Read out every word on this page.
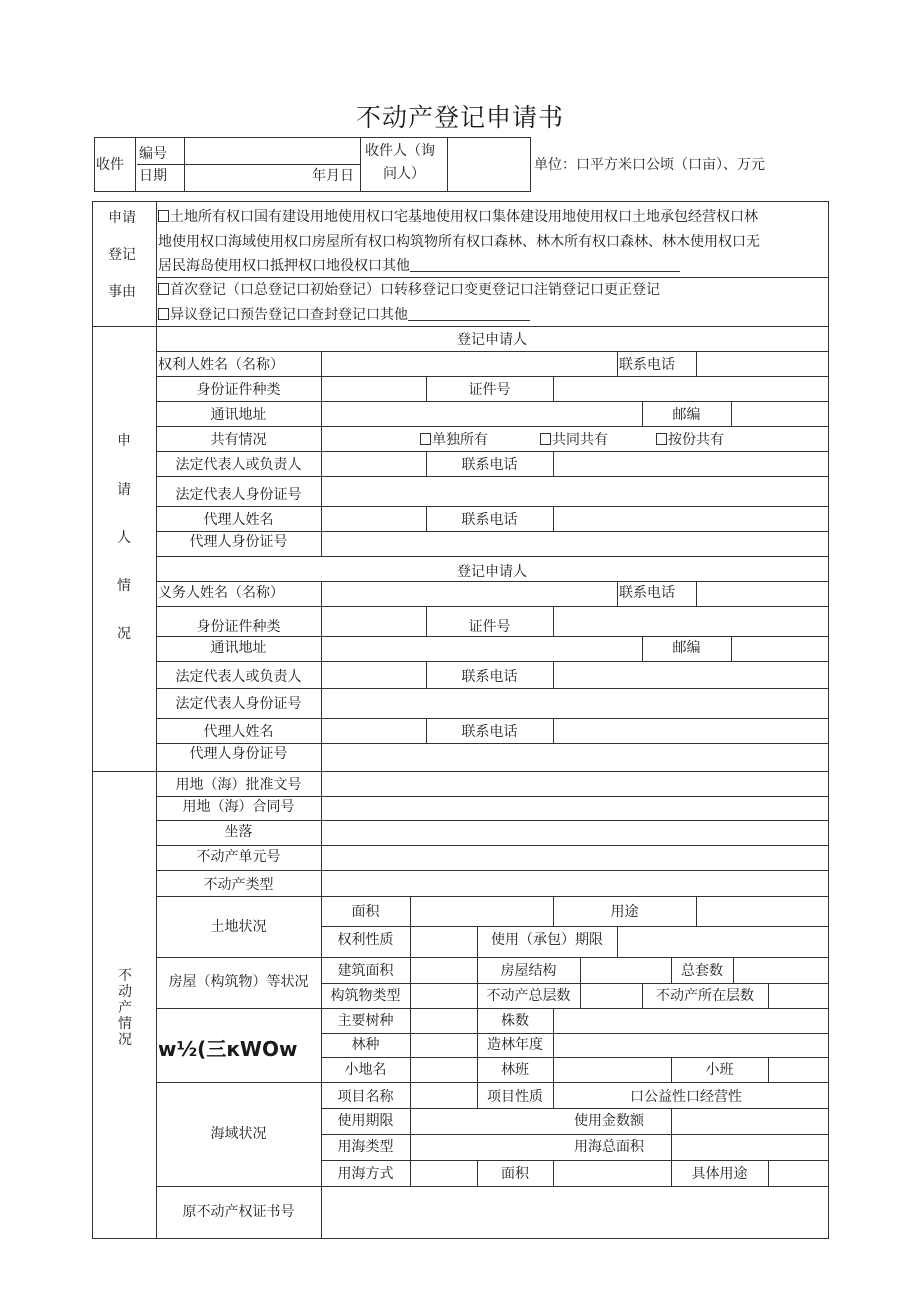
不动产登记申请书
收件
编号
日期	年月日
收件人（询
问人）
单位：口平方米口公顷（口亩）、万元
申请
登记
事由
土地所有权口国有建设用地使用权口宅基地使用权口集体建设用地使用权口土地承包经营权口林
地使用权口海域使用权口房屋所有权口构筑物所有权口森林、林木所有权口森林、林木使用权口无
居民海岛使用权口抵押权口地役权口其他
首次登记（口总登记口初始登记）口转移登记口变更登记口注销登记口更正登记
异议登记口预告登记口查封登记口其他
申
请
人
情
况
登记申请人
权利人姓名（名称）	联系电话
身份证件种类	证件号
通讯地址	邮编
共有情况	单独所有	共同共有	按份共有
法定代表人或负责人	联系电话
法定代表人身份证号
代理人姓名	联系电话
代理人身份证号
登记申请人
义务人姓名（名称）	联系电话
身份证件种类	证件号
通讯地址	邮编
法定代表人或负责人	联系电话
法定代表人身份证号
代理人姓名	联系电话
代理人身份证号
不
动
产
情
况
用地（海）批准文号
用地（海）合同号
坐落
不动产单元号
不动产类型
土地状况
面积	用途
权利性质	使用（承包）期限
房屋（构筑物）等状况
建筑面积	房屋结构	总套数
构筑物类型	不动产总层数	不动产所在层数
w½(三кWOw
主要树种	株数
林种	造林年度
小地名	林班	小班
海域状况
项目名称	项目性质	口公益性口经营性
使用期限	使用金数额
用海类型	用海总面积
用海方式	面积	具体用途
原不动产权证书号
